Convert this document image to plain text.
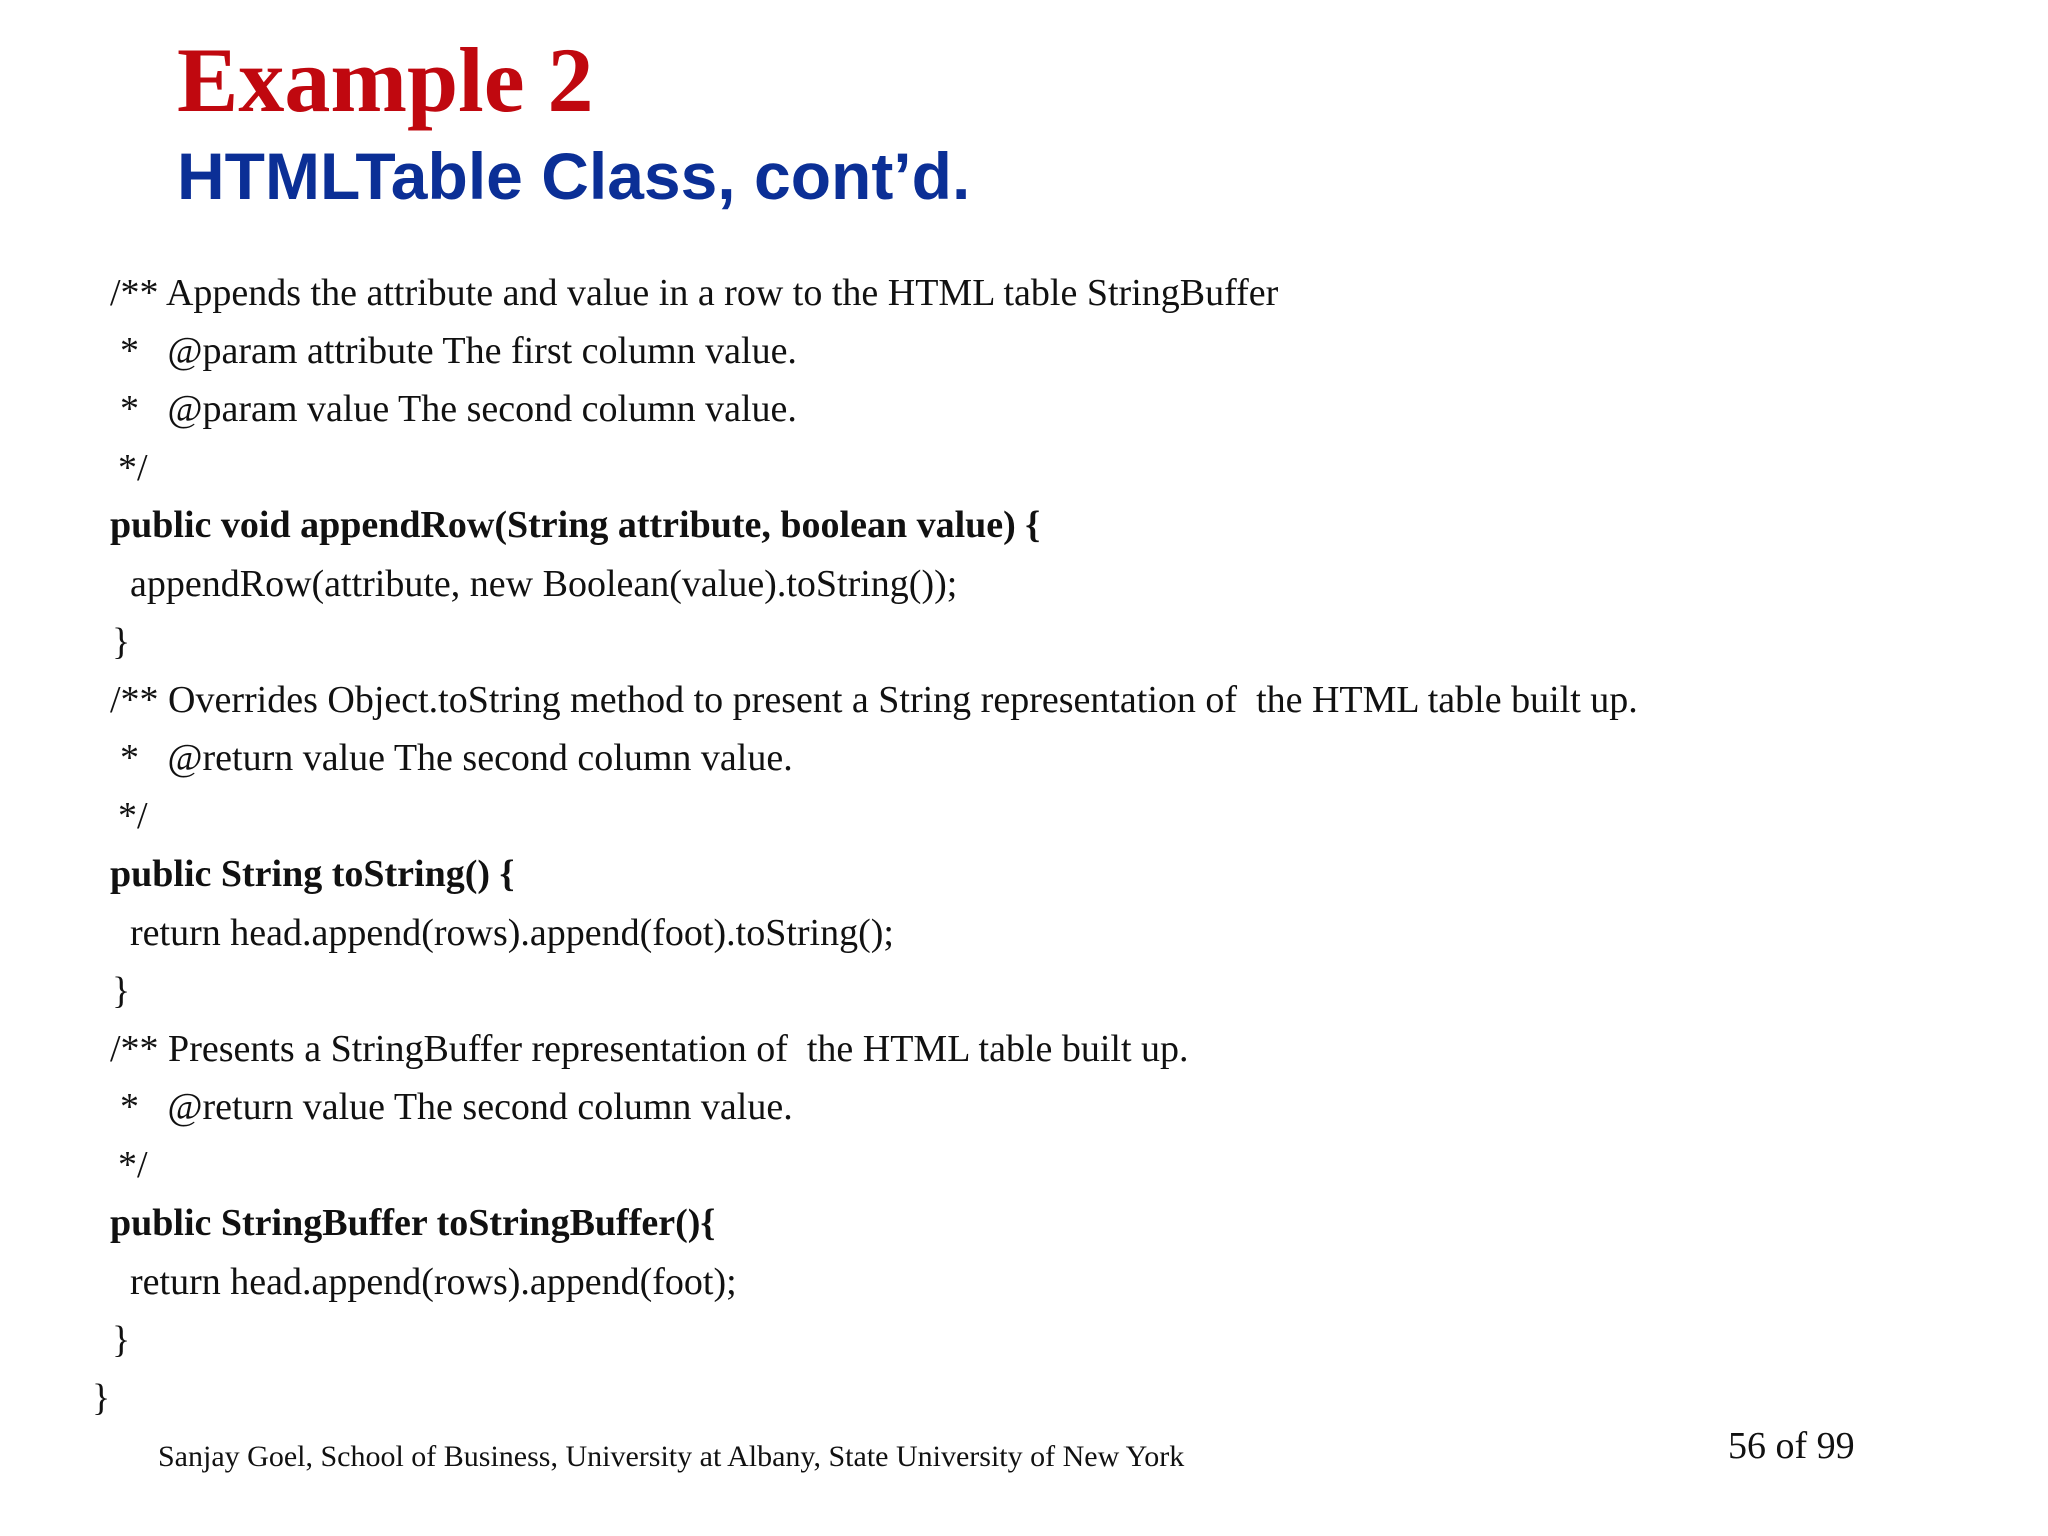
Example 2
HTMLTable Class, cont’d.

/** Appends the attribute and value in a row to the HTML table StringBuffer

*   @param attribute The first column value.

*   @param value The second column value.

*/

public void appendRow(String attribute, boolean value) {

appendRow(attribute, new Boolean(value).toString());

}

/** Overrides Object.toString method to present a String representation of  the HTML table built up.

*   @return value The second column value.

*/

public String toString() {

return head.append(rows).append(foot).toString();

}

/** Presents a StringBuffer representation of  the HTML table built up.

*   @return value The second column value.

*/

public StringBuffer toStringBuffer(){

return head.append(rows).append(foot);

}

}

Sanjay Goel, School of Business, University at Albany, State University of New York	56 of 99
